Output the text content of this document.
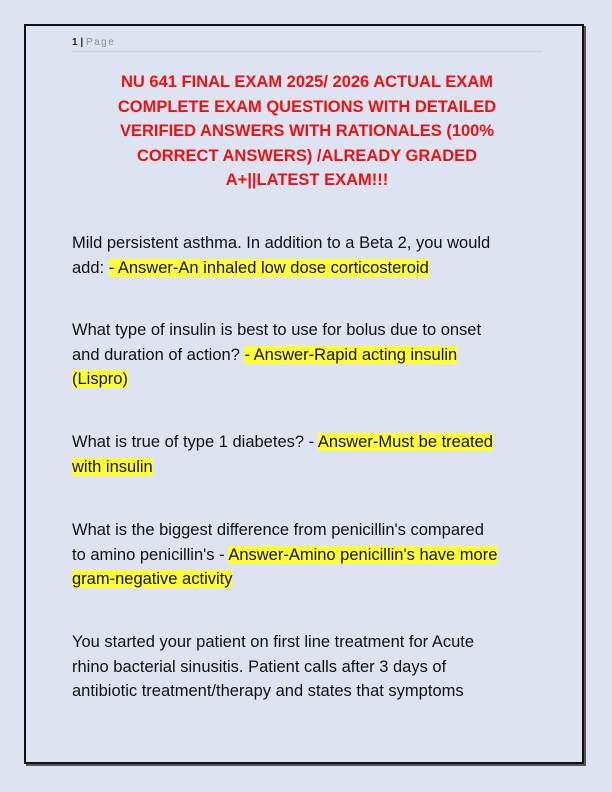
1 | Page
NU 641 FINAL EXAM 2025/ 2026 ACTUAL EXAM
COMPLETE EXAM QUESTIONS WITH DETAILED
VERIFIED ANSWERS WITH RATIONALES (100%
CORRECT ANSWERS) /ALREADY GRADED
A+||LATEST EXAM!!!
Mild persistent asthma. In addition to a Beta 2, you would
add: - Answer-An inhaled low dose corticosteroid
What type of insulin is best to use for bolus due to onset
and duration of action? - Answer-Rapid acting insulin
(Lispro)
What is true of type 1 diabetes? - Answer-Must be treated
with insulin
What is the biggest difference from penicillin's compared
to amino penicillin's - Answer-Amino penicillin's have more
gram-negative activity
You started your patient on first line treatment for Acute
rhino bacterial sinusitis. Patient calls after 3 days of
antibiotic treatment/therapy and states that symptoms
